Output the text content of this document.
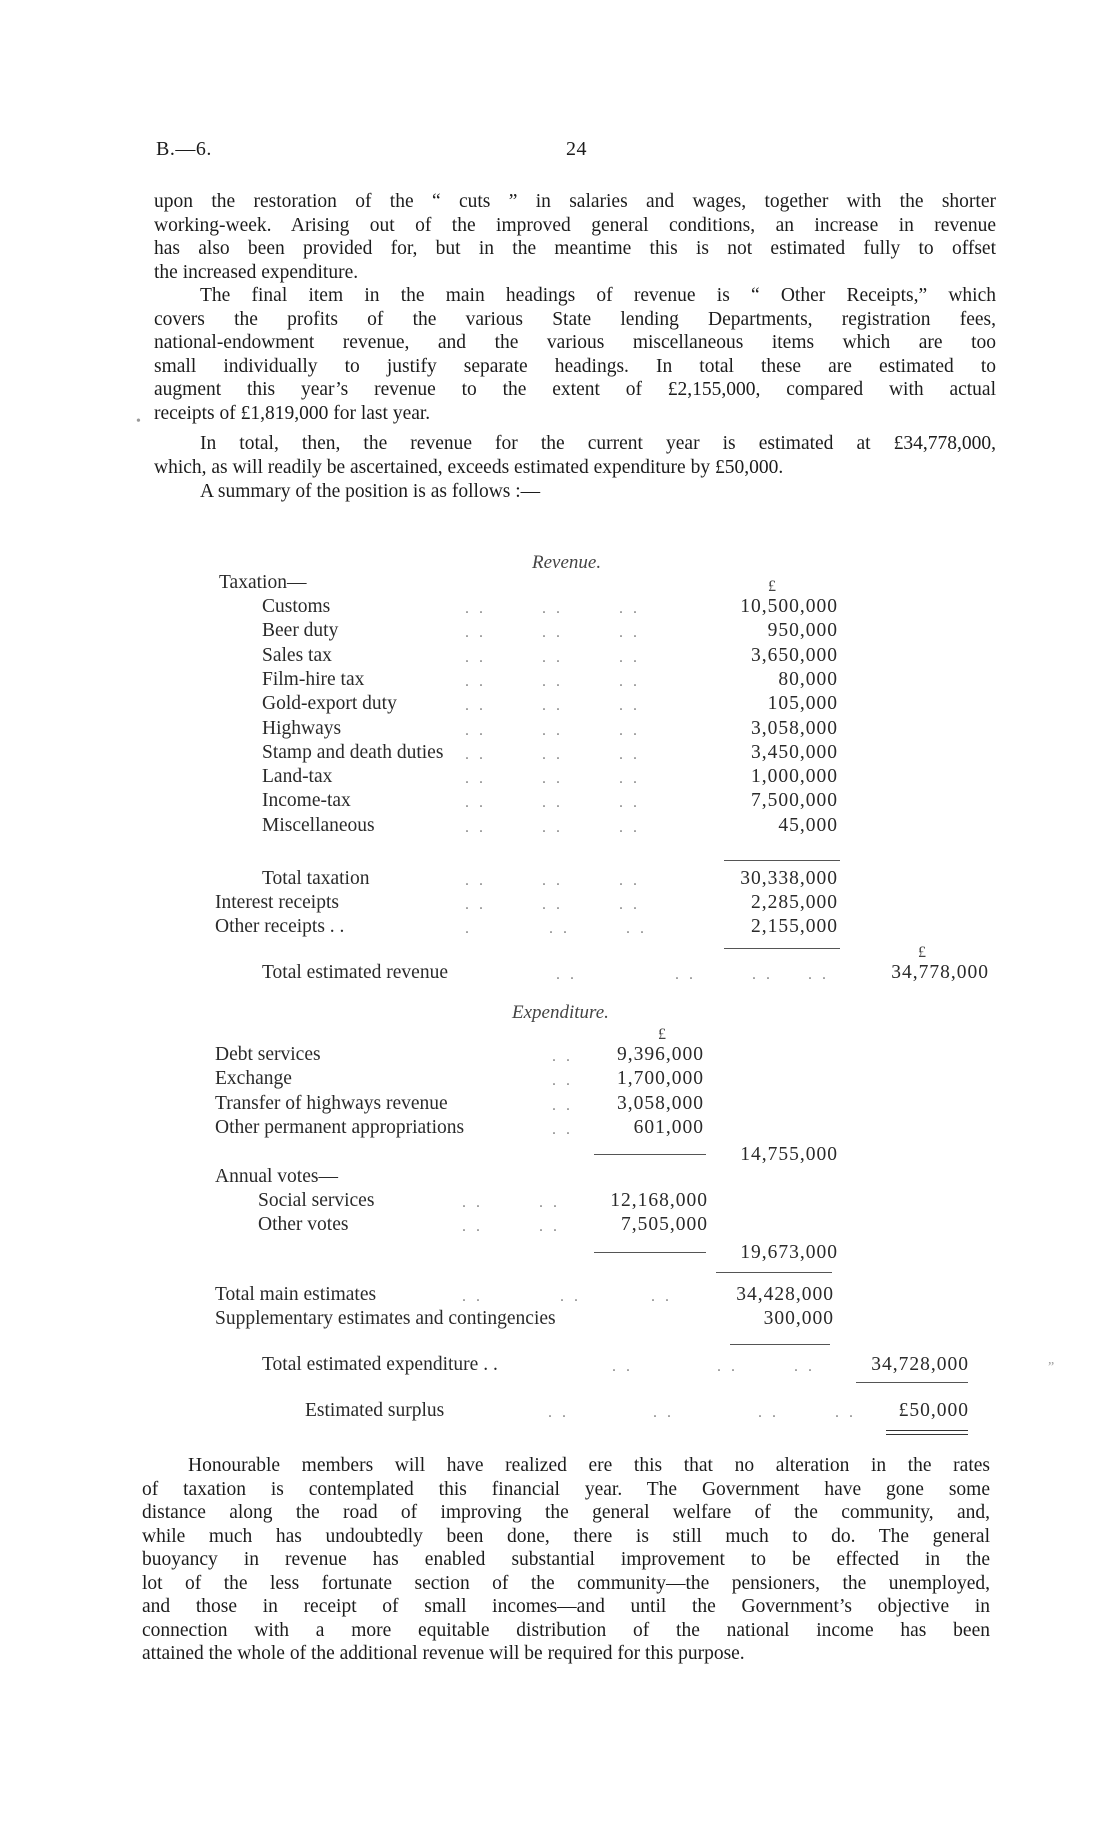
B.—6.	24
upon the restoration of the “ cuts ” in salaries and wages, together with the shorter
working-week. Arising out of the improved general conditions, an increase in revenue
has also been provided for, but in the meantime this is not estimated fully to offset
the increased expenditure.
The final item in the main headings of revenue is “ Other Receipts,” which
covers the profits of the various State lending Departments, registration fees,
national-endowment revenue, and the various miscellaneous items which are too
small individually to justify separate headings. In total these are estimated to
augment this year’s revenue to the extent of £2,155,000, compared with actual
receipts of £1,819,000 for last year.
•
In total, then, the revenue for the current year is estimated at £34,778,000,
which, as will readily be ascertained, exceeds estimated expenditure by £50,000.
A summary of the position is as follows :—
Revenue.
Taxation—	£
Customs	. .        . .        . .	10,500,000
Beer duty	. .        . .        . .	950,000
Sales tax	. .        . .        . .	3,650,000
Film-hire tax	. .        . .        . .	80,000
Gold-export duty	. .        . .        . .	105,000
Highways	. .        . .        . .	3,058,000
Stamp and death duties . .        . .        . .	3,450,000
Land-tax	. .        . .        . .	1,000,000
Income-tax	. .        . .        . .	7,500,000
Miscellaneous	. .        . .        . .	45,000
Total taxation	. .        . .        . .	30,338,000
Interest receipts	. .        . .        . .	2,285,000
Other receipts . .	.           . .        . .	2,155,000
£
Total estimated revenue	. .              . .        . .     . .	34,778,000
Expenditure.
£
Debt services	. . 9,396,000
Exchange	. . 1,700,000
Transfer of highways revenue	. . 3,058,000
Other permanent appropriations	. .	601,000
14,755,000
Annual votes—
Social services	. .        . .	12,168,000
Other votes	. .        . .	7,505,000
19,673,000
Total main estimates	. .           . .          . .	34,428,000
Supplementary estimates and contingencies	300,000
Total estimated expenditure . .	. .            . .        . .	34,728,000	”
Estimated surplus	. .            . .            . .        . . £50,000
Honourable members will have realized ere this that no alteration in the rates
of taxation is contemplated this financial year. The Government have gone some
distance along the road of improving the general welfare of the community, and,
while much has undoubtedly been done, there is still much to do. The general
buoyancy in revenue has enabled substantial improvement to be effected in the
lot of the less fortunate section of the community—the pensioners, the unemployed,
and those in receipt of small incomes—and until the Government’s objective in
connection with a more equitable distribution of the national income has been
attained the whole of the additional revenue will be required for this purpose.
